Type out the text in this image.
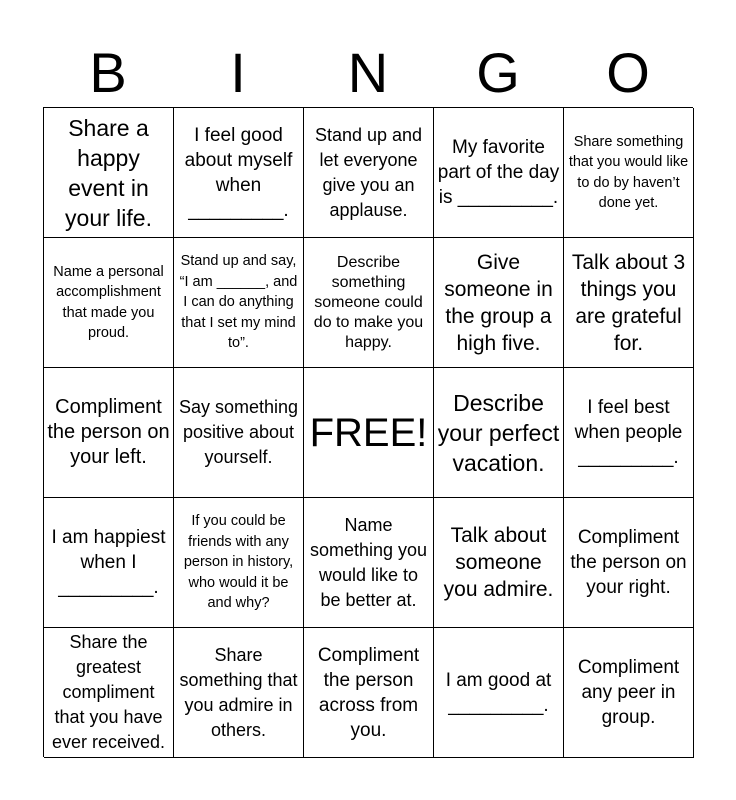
B	I	N	G	O
Share a happy event in your life.
I feel good about myself when _________.
Stand up and let everyone give you an applause.
My favorite part of the day is _________.
Share something that you would like to do by haven’t done yet.
Name a personal accomplishment that made you proud.
Stand up and say, “I am ______, and I can do anything that I set my mind to”.
Describe something someone could do to make you happy.
Give someone in the group a high five.
Talk about 3 things you are grateful for.
Compliment the person on your left.
Say something positive about yourself.
FREE!
Describe your perfect vacation.
I feel best when people _________.
I am happiest when I _________.
If you could be friends with any person in history, who would it be and why?
Name something you would like to be better at.
Talk about someone you admire.
Compliment the person on your right.
Share the greatest compliment that you have ever received.
Share something that you admire in others.
Compliment the person across from you.
I am good at _________.
Compliment any peer in group.
